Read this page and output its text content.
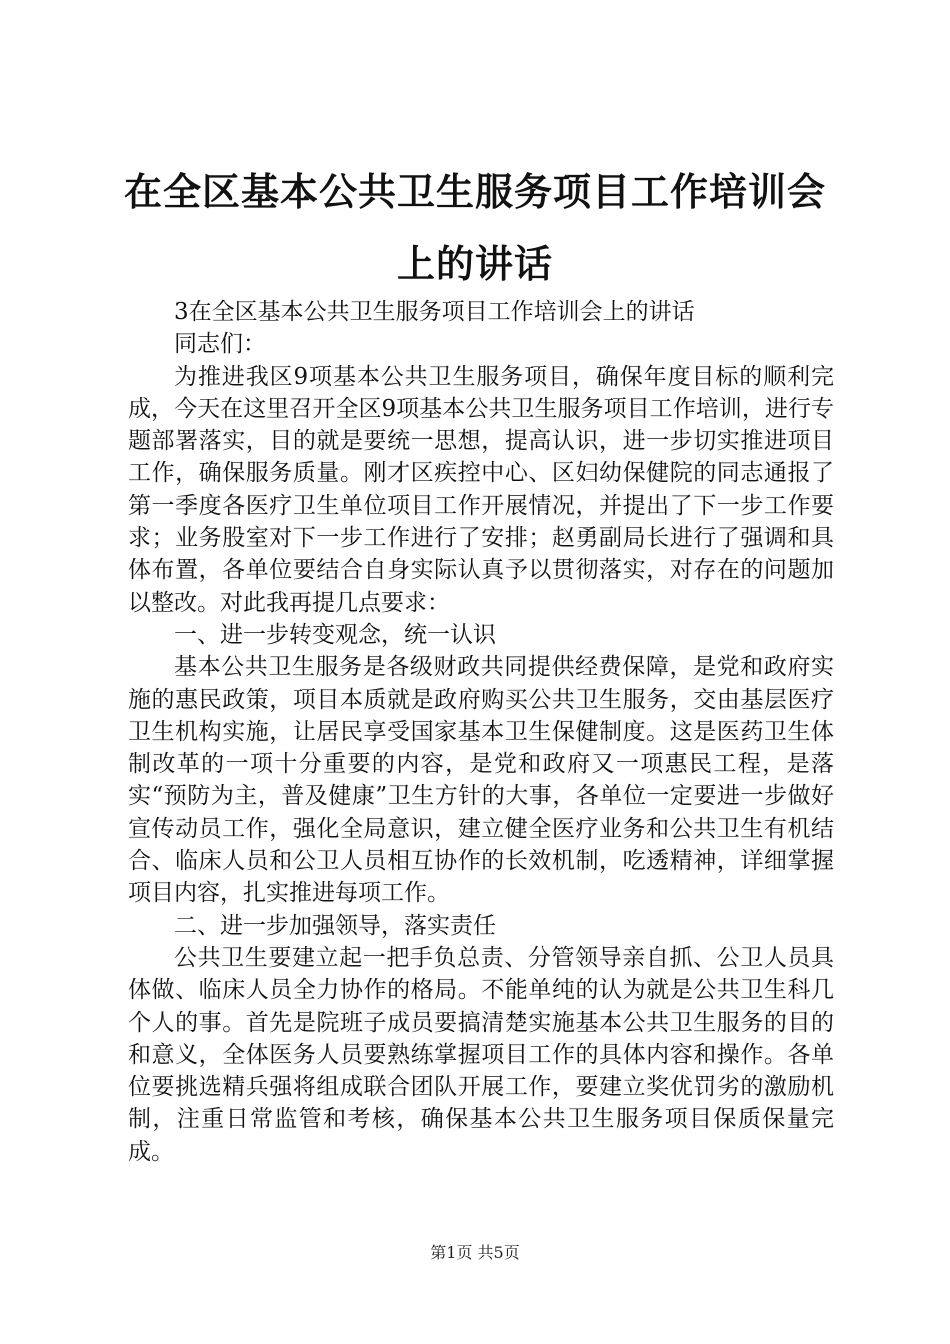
在全区基本公共卫生服务项目工作培训会上的讲话

3在全区基本公共卫生服务项目工作培训会上的讲话

同志们：

为推进我区9项基本公共卫生服务项目，确保年度目标的顺利完成，今天在这里召开全区9项基本公共卫生服务项目工作培训，进行专题部署落实，目的就是要统一思想，提高认识，进一步切实推进项目工作，确保服务质量。刚才区疾控中心、区妇幼保健院的同志通报了第一季度各医疗卫生单位项目工作开展情况，并提出了下一步工作要求；业务股室对下一步工作进行了安排；赵勇副局长进行了强调和具体布置，各单位要结合自身实际认真予以贯彻落实，对存在的问题加以整改。对此我再提几点要求：

一、进一步转变观念，统一认识

基本公共卫生服务是各级财政共同提供经费保障，是党和政府实施的惠民政策，项目本质就是政府购买公共卫生服务，交由基层医疗卫生机构实施，让居民享受国家基本卫生保健制度。这是医药卫生体制改革的一项十分重要的内容，是党和政府又一项惠民工程，是落实“预防为主，普及健康”卫生方针的大事，各单位一定要进一步做好宣传动员工作，强化全局意识，建立健全医疗业务和公共卫生有机结合、临床人员和公卫人员相互协作的长效机制，吃透精神，详细掌握项目内容，扎实推进每项工作。

二、进一步加强领导，落实责任

公共卫生要建立起一把手负总责、分管领导亲自抓、公卫人员具体做、临床人员全力协作的格局。不能单纯的认为就是公共卫生科几个人的事。首先是院班子成员要搞清楚实施基本公共卫生服务的目的和意义，全体医务人员要熟练掌握项目工作的具体内容和操作。各单位要挑选精兵强将组成联合团队开展工作，要建立奖优罚劣的激励机制，注重日常监管和考核，确保基本公共卫生服务项目保质保量完成。

第1页 共5页
